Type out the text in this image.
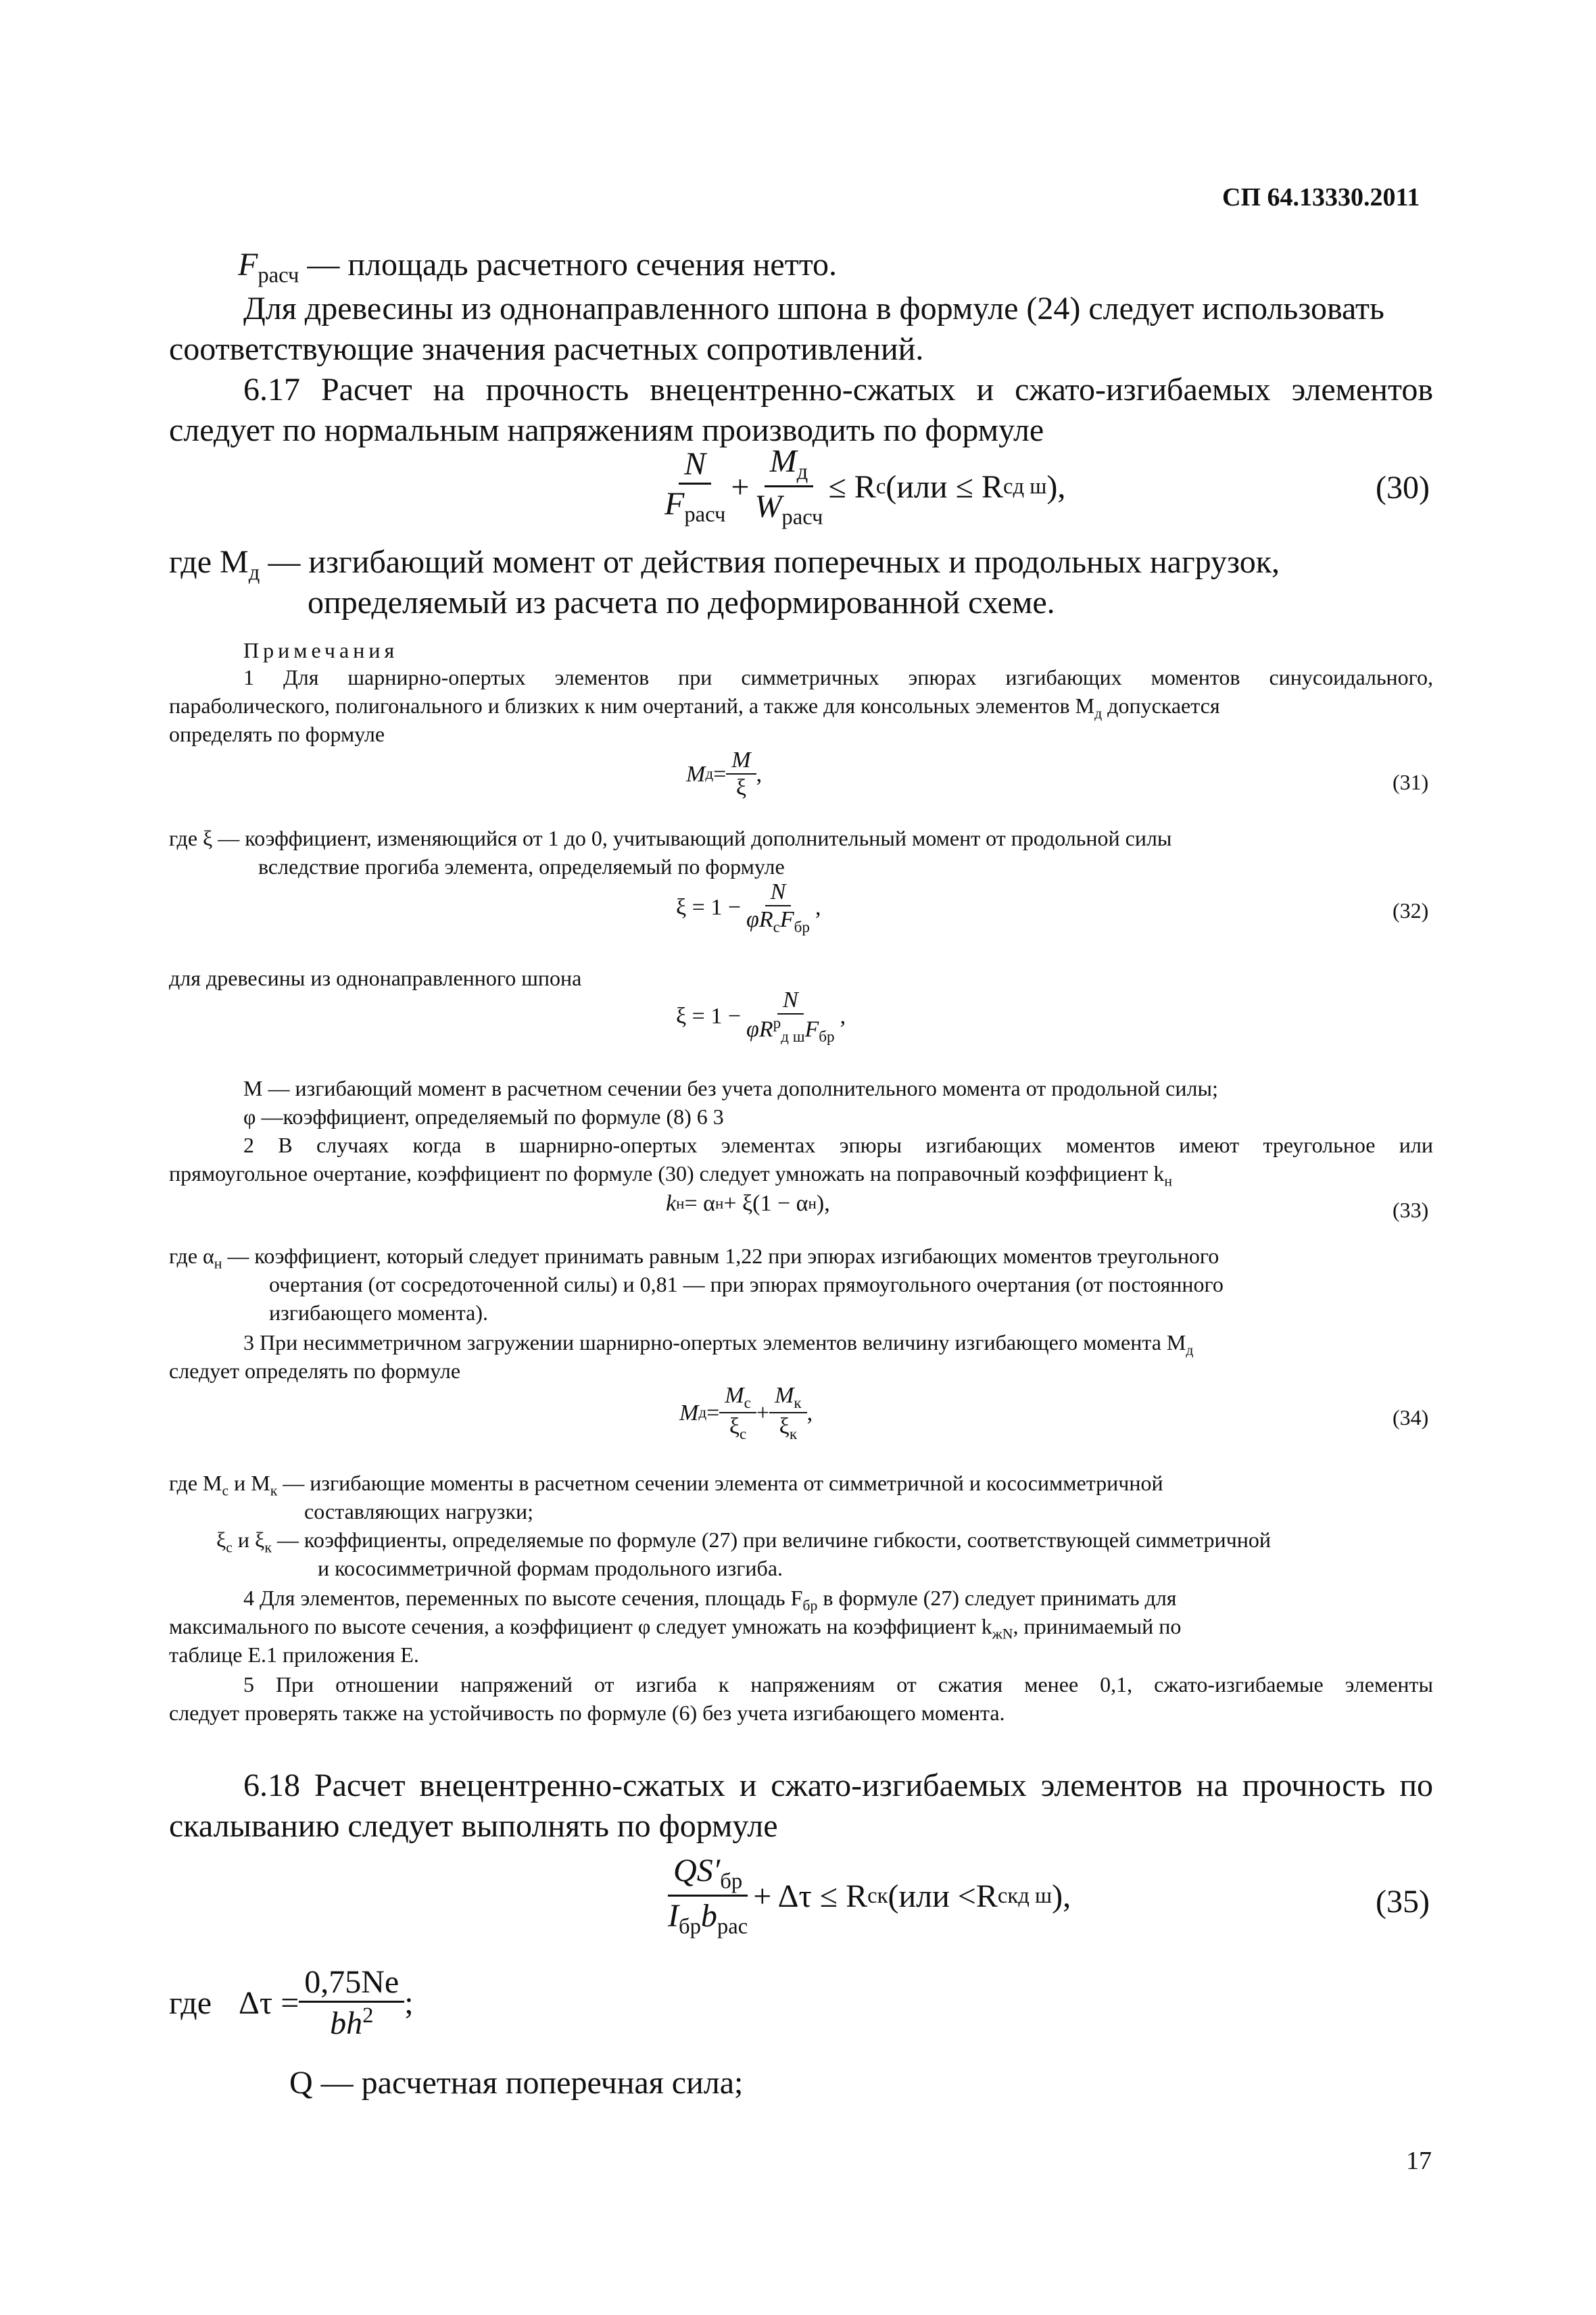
СП 64.13330.2011
$F_{расч}$ — площадь расчетного сечения нетто.
Для древесины из однонаправленного шпона в формуле (24) следует использовать
соответствующие значения расчетных сопротивлений.
6.17 Расчет на прочность внецентренно-сжатых и сжато-изгибаемых элементов
следует по нормальным напряжениям производить по формуле
$\frac{N}{F_{расч}} + \frac{M_д}{W_{расч}} \le R$ с (или ≤ R с д ш ),	(30)
где $M_д$ — изгибающий момент от действия поперечных и продольных нагрузок,
определяемый из расчета по деформированной схеме.
Примечания
1 Для шарнирно-опертых элементов при симметричных эпюрах изгибающих моментов синусоидального,
параболического, полигонального и близких к ним очертаний, а также для консольных элементов $M_д$ допускается
определять по формуле
M $д = \frac{M}{\xi}$ ,	(31)
где ξ — коэффициент, изменяющийся от 1 до 0, учитывающий дополнительный момент от продольной силы
вследствие прогиба элемента, определяемый по формуле
$\xi = 1 - \frac{N}{\varphi R_сF_{бр}}$ ,	(32)
для древесины из однонаправленного шпона
$\xi = 1 - \frac{N}{\varphi R^р_{д ш}F_{бр}}$ ,
M — изгибающий момент в расчетном сечении без учета дополнительного момента от продольной силы;
φ —коэффициент, определяемый по формуле (8) 6 3
2 В случаях когда в шарнирно-опертых элементах эпюры изгибающих моментов имеют треугольное или
прямоугольное очертание, коэффициент по формуле (30) следует умножать на поправочный коэффициент $k_н$
k н = α н + ξ(1 − α н ),	(33)
где $\alpha_н$ — коэффициент, который следует принимать равным 1,22 при эпюрах изгибающих моментов треугольного
очертания (от сосредоточенной силы) и 0,81 — при эпюрах прямоугольного очертания (от постоянного
изгибающего момента).
3 При несимметричном загружении шарнирно-опертых элементов величину изгибающего момента $M_д$
следует определять по формуле
M $д = \frac{M_с}{\xi_с} + \frac{M_к}{\xi_к}$ ,	(34)
где $M_с$ и $M_к$ — изгибающие моменты в расчетном сечении элемента от симметричной и кососимметричной
составляющих нагрузки;
$\xi_с$ и $\xi_к$ — коэффициенты, определяемые по формуле (27) при величине гибкости, соответствующей симметричной
и кососимметричной формам продольного изгиба.
4 Для элементов, переменных по высоте сечения, площадь $F_{бр}$ в формуле (27) следует принимать для
максимального по высоте сечения, а коэффициент φ следует умножать на коэффициент $k_{жN}$, принимаемый по
таблице Е.1 приложения Е.
5 При отношении напряжений от изгиба к напряжениям от сжатия менее 0,1, сжато-изгибаемые элементы
следует проверять также на устойчивость по формуле (6) без учета изгибающего момента.
6.18 Расчет внецентренно-сжатых и сжато-изгибаемых элементов на прочность по
скалыванию следует выполнять по формуле
$\frac{QS'_{бр}}{I_{бр}b_{рас}} + \Delta\tau \le R$ ск (или <R ск д ш ),	(35)
где $\Delta\tau = \frac{0,75Ne}{bh^2}$ ;
Q — расчетная поперечная сила;
17
